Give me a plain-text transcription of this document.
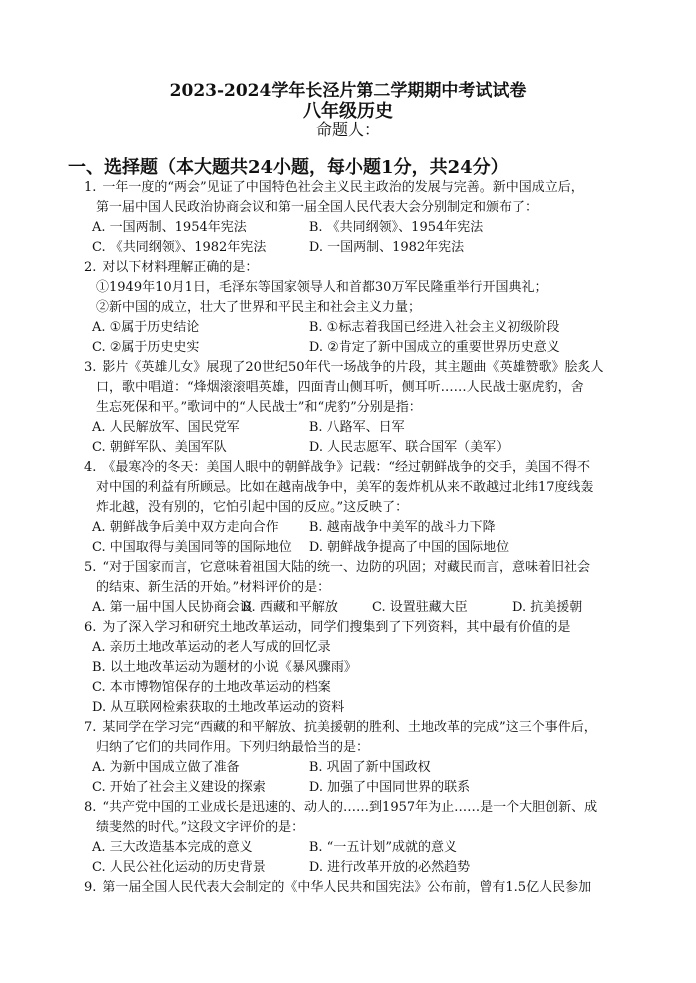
2023-2024学年长泾片第二学期期中考试试卷
八年级历史
命题人：
一、选择题（本大题共24小题，每小题1分，共24分）
1. 一年一度的“两会”见证了中国特色社会主义民主政治的发展与完善。新中国成立后，
第一届中国人民政治协商会议和第一届全国人民代表大会分别制定和颁布了：
A. 一国两制、1954年宪法	B. 《共同纲领》、1954年宪法
C. 《共同纲领》、1982年宪法	D. 一国两制、1982年宪法
2. 对以下材料理解正确的是：
①1949年10月1日，毛泽东等国家领导人和首都30万军民隆重举行开国典礼；
②新中国的成立，壮大了世界和平民主和社会主义力量；
A. ①属于历史结论	B. ①标志着我国已经进入社会主义初级阶段
C. ②属于历史史实	D. ②肯定了新中国成立的重要世界历史意义
3. 影片《英雄儿女》展现了20世纪50年代一场战争的片段，其主题曲《英雄赞歌》脍炙人
口，歌中唱道：“烽烟滚滚唱英雄，四面青山侧耳听，侧耳听……人民战士驱虎豹，舍
生忘死保和平。”歌词中的“人民战士”和“虎豹”分别是指：
A. 人民解放军、国民党军	B. 八路军、日军
C. 朝鲜军队、美国军队	D. 人民志愿军、联合国军（美军）
4. 《最寒冷的冬天：美国人眼中的朝鲜战争》记载：“经过朝鲜战争的交手，美国不得不
对中国的利益有所顾忌。比如在越南战争中，美军的轰炸机从来不敢越过北纬17度线轰
炸北越，没有别的，它怕引起中国的反应。”这反映了：
A. 朝鲜战争后美中双方走向合作	B. 越南战争中美军的战斗力下降
C. 中国取得与美国同等的国际地位	D. 朝鲜战争提高了中国的国际地位
5. “对于国家而言，它意味着祖国大陆的统一、边防的巩固；对藏民而言，意味着旧社会
的结束、新生活的开始。”材料评价的是：
A. 第一届中国人民协商会议
B. 西藏和平解放	C. 设置驻藏大臣	D. 抗美援朝
6. 为了深入学习和研究土地改革运动，同学们搜集到了下列资料，其中最有价值的是
A. 亲历土地改革运动的老人写成的回忆录
B. 以土地改革运动为题材的小说《暴风骤雨》
C. 本市博物馆保存的土地改革运动的档案
D. 从互联网检索获取的土地改革运动的资料
7. 某同学在学习完“西藏的和平解放、抗美援朝的胜利、土地改革的完成”这三个事件后，
归纳了它们的共同作用。下列归纳最恰当的是：
A. 为新中国成立做了准备	B. 巩固了新中国政权
C. 开始了社会主义建设的探索	D. 加强了中国同世界的联系
8. “共产党中国的工业成长是迅速的、动人的……到1957年为止……是一个大胆创新、成
绩斐然的时代。”这段文字评价的是：
A. 三大改造基本完成的意义	B. “一五计划”成就的意义
C. 人民公社化运动的历史背景	D. 进行改革开放的必然趋势
9. 第一届全国人民代表大会制定的《中华人民共和国宪法》公布前，曾有1.5亿人民参加
